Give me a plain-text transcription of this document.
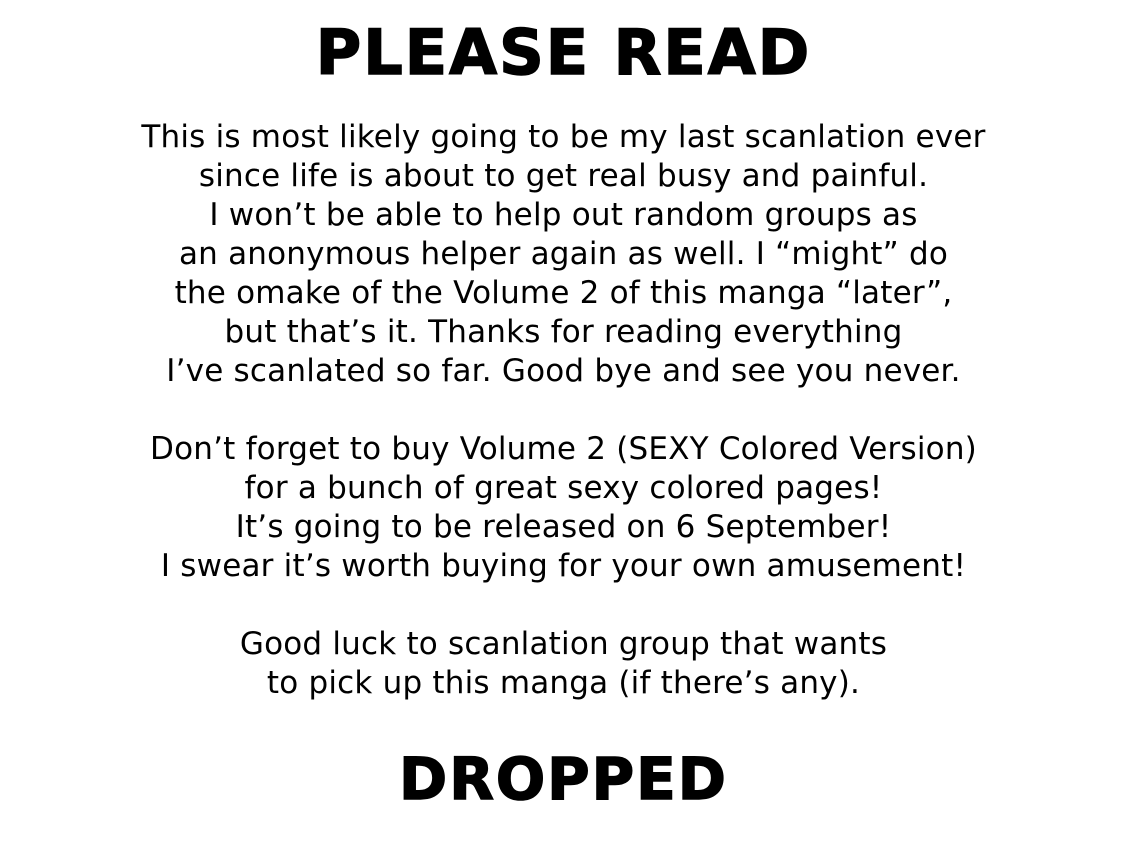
PLEASE READ

This is most likely going to be my last scanlation ever
since life is about to get real busy and painful.
I won’t be able to help out random groups as
an anonymous helper again as well. I “might” do
the omake of the Volume 2 of this manga “later”,
but that’s it. Thanks for reading everything
I’ve scanlated so far. Good bye and see you never.

Don’t forget to buy Volume 2 (SEXY Colored Version)
for a bunch of great sexy colored pages!
It’s going to be released on 6 September!
I swear it’s worth buying for your own amusement!

Good luck to scanlation group that wants
to pick up this manga (if there’s any).

DROPPED
